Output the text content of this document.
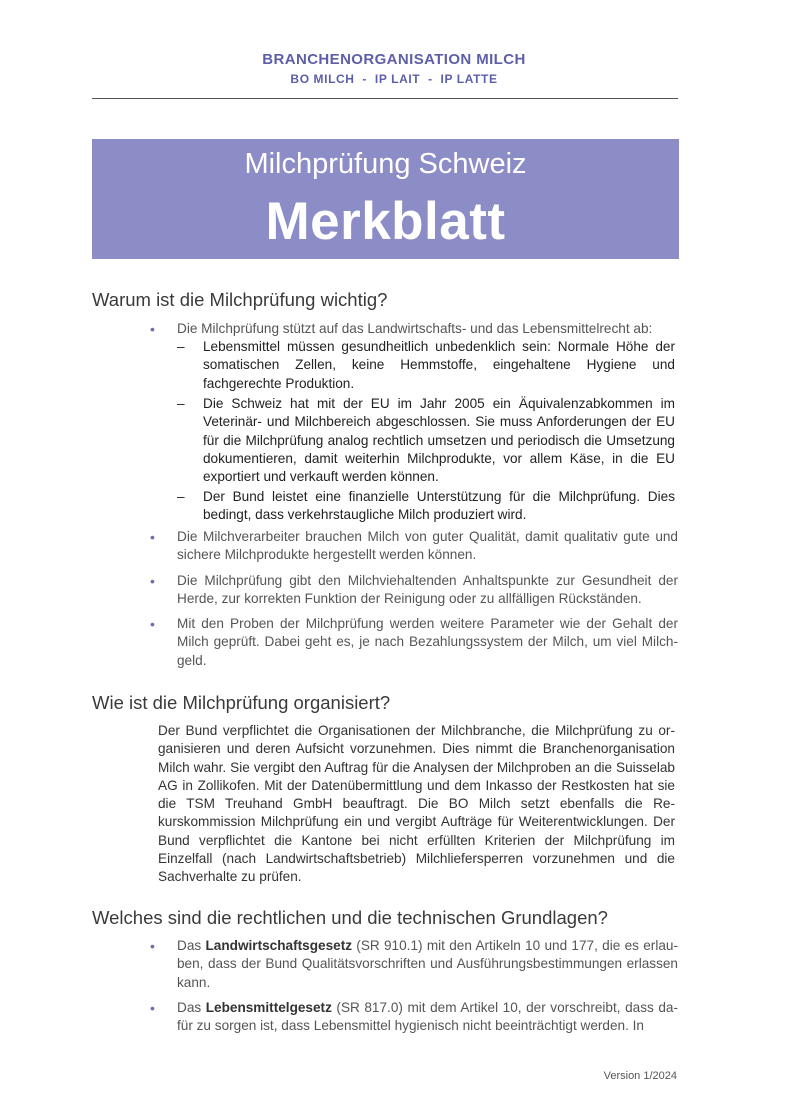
BRANCHENORGANISATION MILCH
BO MILCH  -  IP LAIT  -  IP LATTE
Milchprüfung Schweiz
Merkblatt
Warum ist die Milchprüfung wichtig?
• Die Milchprüfung stützt auf das Landwirtschafts- und das Lebensmittelrecht ab:

– Lebensmittel müssen gesundheitlich unbedenklich sein: Normale Höhe der somatischen Zellen, keine Hemmstoffe, eingehaltene Hygiene und fachgerechte Produktion.

– Die Schweiz hat mit der EU im Jahr 2005 ein Äquivalenzabkommen im Veterinär- und Milchbereich abgeschlossen. Sie muss Anforderungen der EU für die Milchprüfung analog rechtlich umsetzen und periodisch die Umsetzung dokumentieren, damit weiterhin Milchprodukte, vor allem Käse, in die EU exportiert und verkauft werden können.

– Der Bund leistet eine finanzielle Unterstützung für die Milchprüfung. Dies bedingt, dass verkehrstaugliche Milch produziert wird.

• Die Milchverarbeiter brauchen Milch von guter Qualität, damit qualitativ gute und sichere Milchprodukte hergestellt werden können.

• Die Milchprüfung gibt den Milchviehaltenden Anhaltspunkte zur Gesundheit der Herde, zur korrekten Funktion der Reinigung oder zu allfälligen Rückständen.

• Mit den Proben der Milchprüfung werden weitere Parameter wie der Gehalt der Milch geprüft. Dabei geht es, je nach Bezahlungssystem der Milch, um viel Milchgeld.

Wie ist die Milchprüfung organisiert?

Der Bund verpflichtet die Organisationen der Milchbranche, die Milchprüfung zu organisieren und deren Aufsicht vorzunehmen. Dies nimmt die Branchenorganisation Milch wahr. Sie vergibt den Auftrag für die Analysen der Milchproben an die Suisselab AG in Zollikofen. Mit der Datenübermittlung und dem Inkasso der Restkosten hat sie die TSM Treuhand GmbH beauftragt. Die BO Milch setzt ebenfalls die Rekurskommission Milchprüfung ein und vergibt Aufträge für Weiterentwicklungen. Der Bund verpflichtet die Kantone bei nicht erfüllten Kriterien der Milchprüfung im Einzelfall (nach Landwirtschaftsbetrieb) Milchliefersperren vorzunehmen und die Sachverhalte zu prüfen.

Welches sind die rechtlichen und die technischen Grundlagen?
• Das Landwirtschaftsgesetz (SR 910.1) mit den Artikeln 10 und 177, die es erlauben, dass der Bund Qualitätsvorschriften und Ausführungsbestimmungen erlassen kann.

• Das Lebensmittelgesetz (SR 817.0) mit dem Artikel 10, der vorschreibt, dass dafür zu sorgen ist, dass Lebensmittel hygienisch nicht beeinträchtigt werden. In

Version 1/2024
